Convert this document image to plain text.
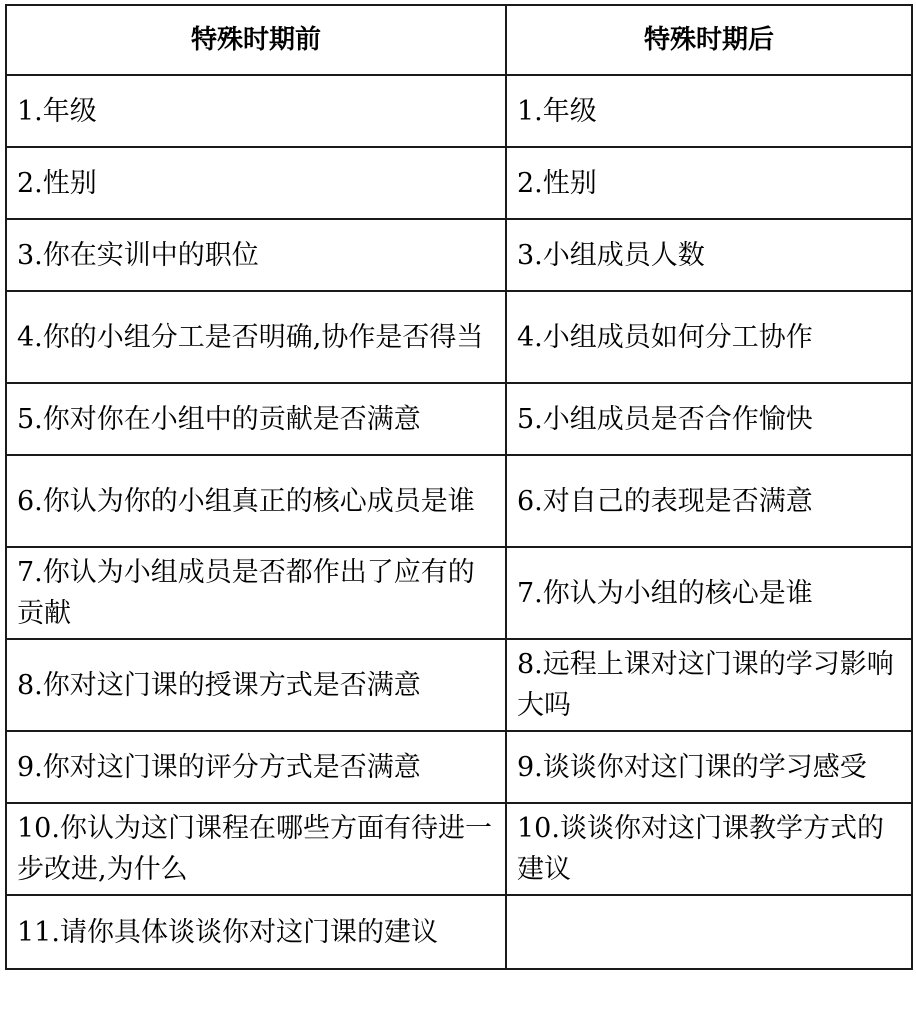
特殊时期前	特殊时期后
1.年级	1.年级
2.性别	2.性别
3.你在实训中的职位	3.小组成员人数
4.你的小组分工是否明确,协作是否得当	4.小组成员如何分工协作
5.你对你在小组中的贡献是否满意	5.小组成员是否合作愉快
6.你认为你的小组真正的核心成员是谁	6.对自己的表现是否满意
7.你认为小组成员是否都作出了应有的贡献	7.你认为小组的核心是谁
8.你对这门课的授课方式是否满意	8.远程上课对这门课的学习影响大吗
9.你对这门课的评分方式是否满意	9.谈谈你对这门课的学习感受
10.你认为这门课程在哪些方面有待进一步改进,为什么	10.谈谈你对这门课教学方式的建议
11.请你具体谈谈你对这门课的建议	
